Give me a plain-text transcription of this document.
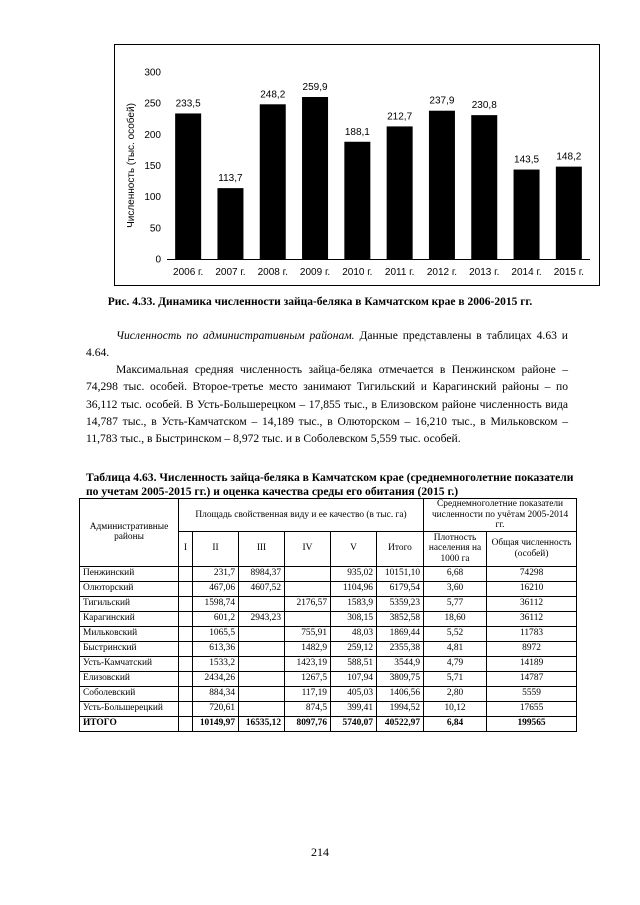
0
50
100
150
200
250
300
Численность (тыс. особей)	233,5
2006 г.
113,7
2007 г.
248,2
2008 г.
259,9
2009 г.
188,1
2010 г.
212,7
2011 г.
237,9
2012 г.
230,8
2013 г.
143,5
2014 г.
148,2
2015 г.
Рис. 4.33. Динамика численности зайца-беляка в Камчатском крае в 2006-2015 гг.
Численность по административным районам. Данные представлены в таблицах 4.63 и 4.64.
Максимальная средняя численность зайца-беляка отмечается в Пенжинском районе – 74,298 тыс. особей. Второе-третье место занимают Тигильский и Карагинский районы – по 36,112 тыс. особей. В Усть-Большерецком – 17,855 тыс., в Елизовском районе численность вида 14,787 тыс., в Усть-Камчатском – 14,189 тыс., в Олюторском – 16,210 тыс., в Мильковском – 11,783 тыс., в Быстринском – 8,972 тыс. и в Соболевском 5,559 тыс. особей.
Таблица 4.63. Численность зайца-беляка в Камчатском крае (среднемноголетние показатели по учетам 2005-2015 гг.) и оценка качества среды его обитания (2015 г.)
Административные районы	Площадь свойственная виду и ее качество (в тыс. га)						Среднемноголетние показатели численности по учётам 2005-2014 гг.	
	I	II	III	IV	V	Итого	Плотность населения на 1000 га	Общая численность (особей)
Пенжинский		231,7	8984,37		935,02	10151,10	6,68	74298
Олюторский		467,06	4607,52		1104,96	6179,54	3,60	16210
Тигильский		1598,74		2176,57	1583,9	5359,23	5,77	36112
Карагинский		601,2	2943,23		308,15	3852,58	18,60	36112
Мильковский		1065,5		755,91	48,03	1869,44	5,52	11783
Быстринский		613,36		1482,9	259,12	2355,38	4,81	8972
Усть-Камчатский		1533,2		1423,19	588,51	3544,9	4,79	14189
Елизовский		2434,26		1267,5	107,94	3809,75	5,71	14787
Соболевский		884,34		117,19	405,03	1406,56	2,80	5559
Усть-Большерецкий		720,61		874,5	399,41	1994,52	10,12	17655
ИТОГО		10149,97	16535,12	8097,76	5740,07	40522,97	6,84	199565
214
